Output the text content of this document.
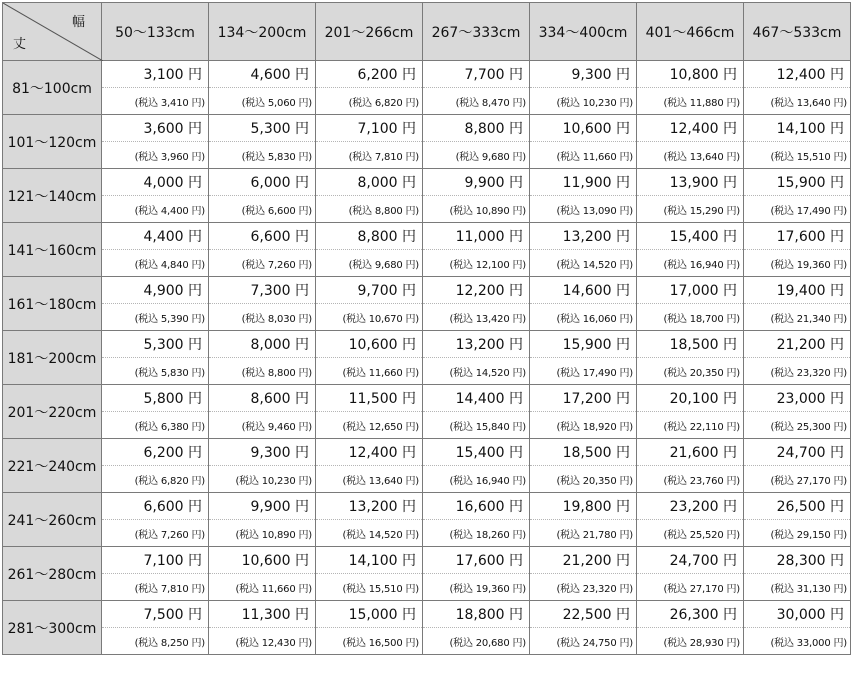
幅
丈	50～133cm	134～200cm	201～266cm	267～333cm	334～400cm	401～466cm	467～533cm
81～100cm	3,100 円	4,600 円	6,200 円	7,700 円	9,300 円	10,800 円	12,400 円
	(税込 3,410 円)	(税込 5,060 円)	(税込 6,820 円)	(税込 8,470 円)	(税込 10,230 円)	(税込 11,880 円)	(税込 13,640 円)
101～120cm	3,600 円	5,300 円	7,100 円	8,800 円	10,600 円	12,400 円	14,100 円
	(税込 3,960 円)	(税込 5,830 円)	(税込 7,810 円)	(税込 9,680 円)	(税込 11,660 円)	(税込 13,640 円)	(税込 15,510 円)
121～140cm	4,000 円	6,000 円	8,000 円	9,900 円	11,900 円	13,900 円	15,900 円
	(税込 4,400 円)	(税込 6,600 円)	(税込 8,800 円)	(税込 10,890 円)	(税込 13,090 円)	(税込 15,290 円)	(税込 17,490 円)
141～160cm	4,400 円	6,600 円	8,800 円	11,000 円	13,200 円	15,400 円	17,600 円
	(税込 4,840 円)	(税込 7,260 円)	(税込 9,680 円)	(税込 12,100 円)	(税込 14,520 円)	(税込 16,940 円)	(税込 19,360 円)
161～180cm	4,900 円	7,300 円	9,700 円	12,200 円	14,600 円	17,000 円	19,400 円
	(税込 5,390 円)	(税込 8,030 円)	(税込 10,670 円)	(税込 13,420 円)	(税込 16,060 円)	(税込 18,700 円)	(税込 21,340 円)
181～200cm	5,300 円	8,000 円	10,600 円	13,200 円	15,900 円	18,500 円	21,200 円
	(税込 5,830 円)	(税込 8,800 円)	(税込 11,660 円)	(税込 14,520 円)	(税込 17,490 円)	(税込 20,350 円)	(税込 23,320 円)
201～220cm	5,800 円	8,600 円	11,500 円	14,400 円	17,200 円	20,100 円	23,000 円
	(税込 6,380 円)	(税込 9,460 円)	(税込 12,650 円)	(税込 15,840 円)	(税込 18,920 円)	(税込 22,110 円)	(税込 25,300 円)
221～240cm	6,200 円	9,300 円	12,400 円	15,400 円	18,500 円	21,600 円	24,700 円
	(税込 6,820 円)	(税込 10,230 円)	(税込 13,640 円)	(税込 16,940 円)	(税込 20,350 円)	(税込 23,760 円)	(税込 27,170 円)
241～260cm	6,600 円	9,900 円	13,200 円	16,600 円	19,800 円	23,200 円	26,500 円
	(税込 7,260 円)	(税込 10,890 円)	(税込 14,520 円)	(税込 18,260 円)	(税込 21,780 円)	(税込 25,520 円)	(税込 29,150 円)
261～280cm	7,100 円	10,600 円	14,100 円	17,600 円	21,200 円	24,700 円	28,300 円
	(税込 7,810 円)	(税込 11,660 円)	(税込 15,510 円)	(税込 19,360 円)	(税込 23,320 円)	(税込 27,170 円)	(税込 31,130 円)
281～300cm	7,500 円	11,300 円	15,000 円	18,800 円	22,500 円	26,300 円	30,000 円
	(税込 8,250 円)	(税込 12,430 円)	(税込 16,500 円)	(税込 20,680 円)	(税込 24,750 円)	(税込 28,930 円)	(税込 33,000 円)
